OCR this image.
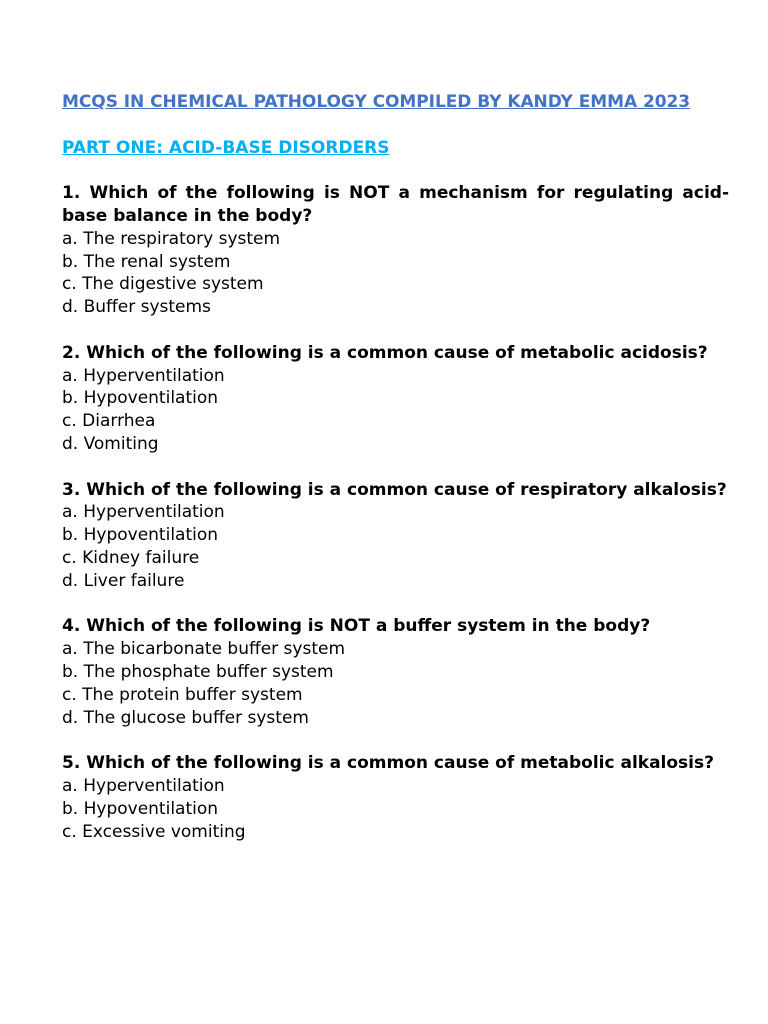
MCQS IN CHEMICAL PATHOLOGY COMPILED BY KANDY EMMA 2023
PART ONE: ACID-BASE DISORDERS

1. Which of the following is NOT a mechanism for regulating acid-base balance in the body?

a. The respiratory system
b. The renal system
c. The digestive system
d. Buffer systems

2. Which of the following is a common cause of metabolic acidosis?

a. Hyperventilation
b. Hypoventilation
c. Diarrhea
d. Vomiting

3. Which of the following is a common cause of respiratory alkalosis?

a. Hyperventilation
b. Hypoventilation
c. Kidney failure
d. Liver failure

4. Which of the following is NOT a buffer system in the body?

a. The bicarbonate buffer system
b. The phosphate buffer system
c. The protein buffer system
d. The glucose buffer system

5. Which of the following is a common cause of metabolic alkalosis?

a. Hyperventilation
b. Hypoventilation
c. Excessive vomiting
